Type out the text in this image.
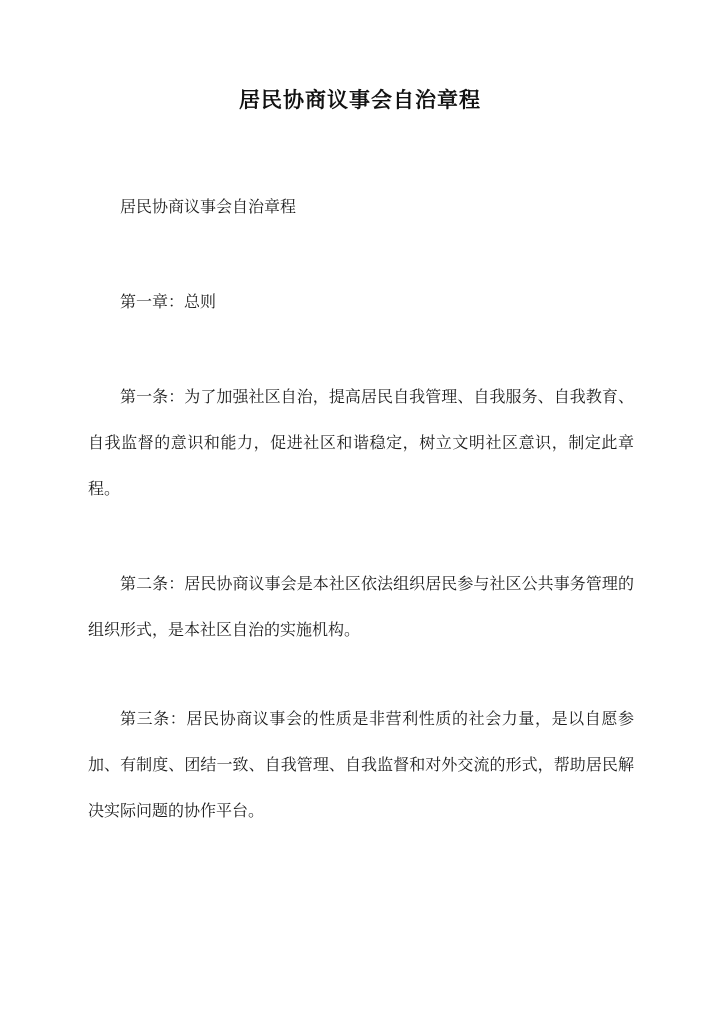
居民协商议事会自治章程
居民协商议事会自治章程
第一章：总则
第一条：为了加强社区自治，提高居民自我管理、自我服务、自我教育、自我监督的意识和能力，促进社区和谐稳定，树立文明社区意识，制定此章程。
第二条：居民协商议事会是本社区依法组织居民参与社区公共事务管理的组织形式，是本社区自治的实施机构。
第三条：居民协商议事会的性质是非营利性质的社会力量，是以自愿参加、有制度、团结一致、自我管理、自我监督和对外交流的形式，帮助居民解决实际问题的协作平台。
